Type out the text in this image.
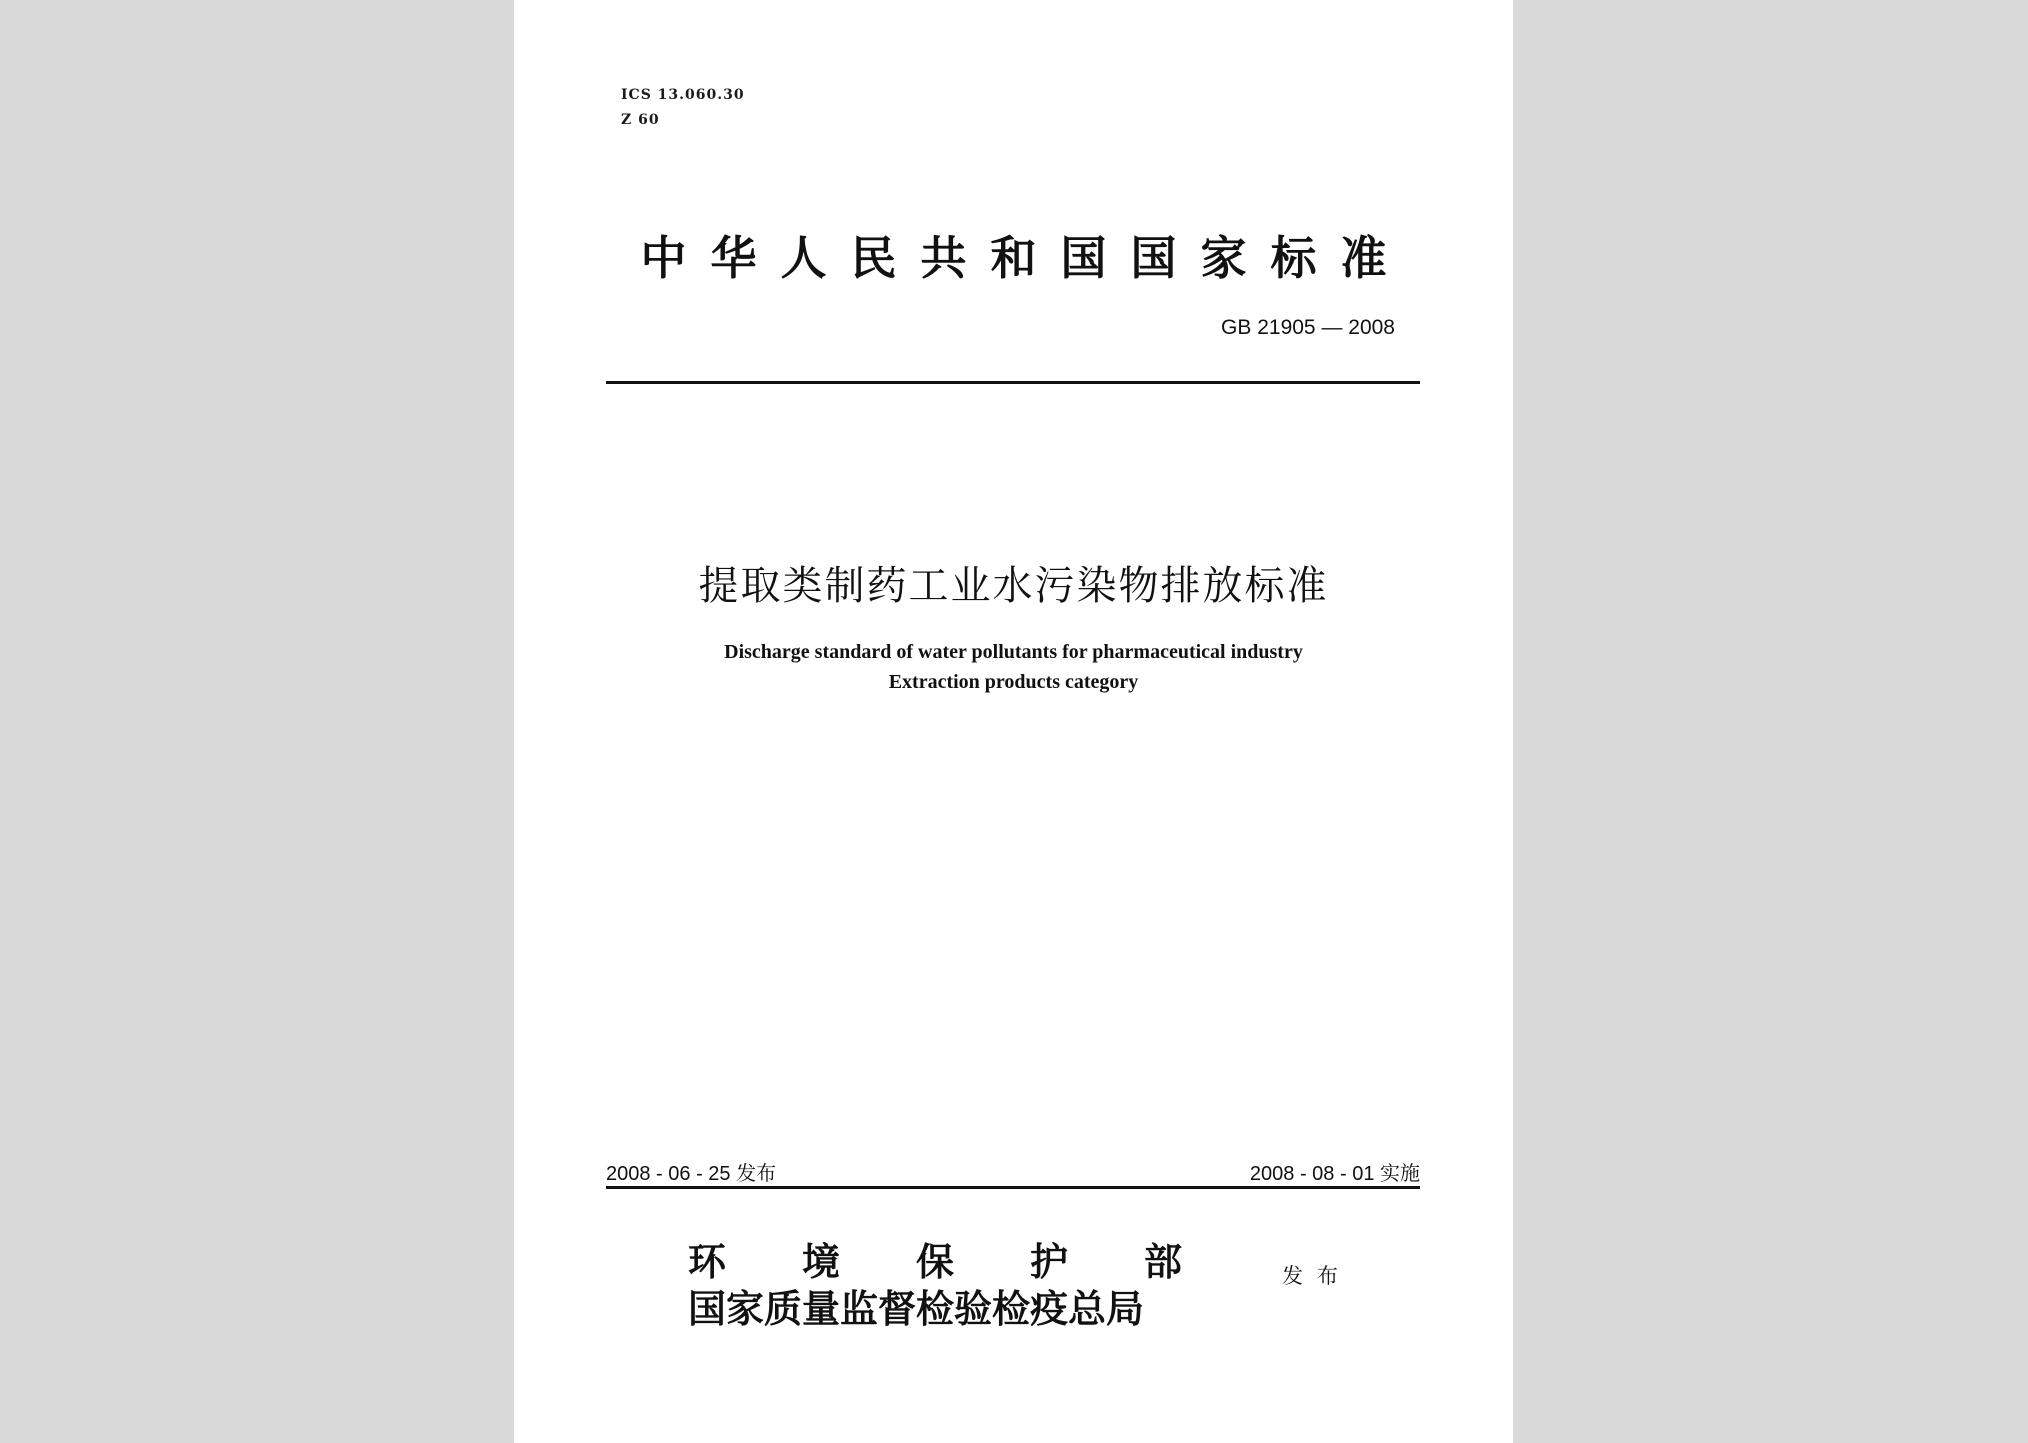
ICS 13.060.30
Z 60
中华人民共和国国家标准
GB 21905 — 2008
提取类制药工业水污染物排放标准
Discharge standard of water pollutants for pharmaceutical industry
Extraction products category
2008 - 06 - 25 发布	2008 - 08 - 01 实施
环境保护部
国家质量监督检验检疫总局
发布
